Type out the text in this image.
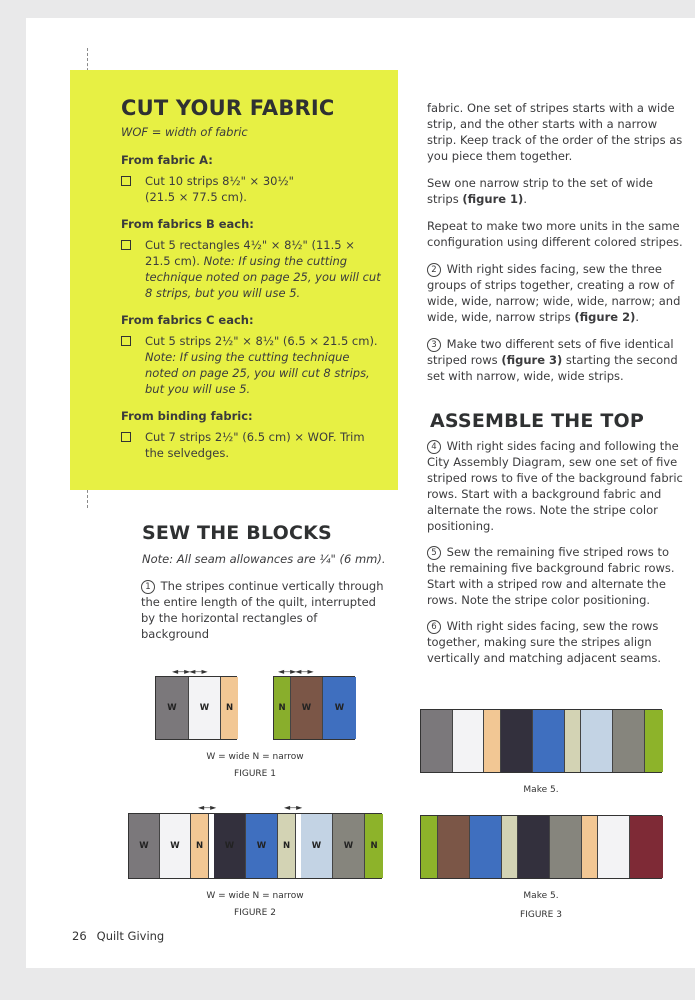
CUT YOUR FABRIC

WOF = width of fabric

From fabric A:

Cut 10 strips 8½" × 30½"
(21.5 × 77.5 cm).

From fabrics B each:

Cut 5 rectangles 4½" × 8½" (11.5 × 21.5 cm). Note: If using the cutting technique noted on page 25, you will cut 8 strips, but you will use 5.

From fabrics C each:

Cut 5 strips 2½" × 8½" (6.5 × 21.5 cm). Note: If using the cutting technique noted on page 25, you will cut 8 strips, but you will use 5.

From binding fabric:

Cut 7 strips 2½" (6.5 cm) × WOF. Trim the selvedges.

fabric. One set of stripes starts with a wide strip, and the other starts with a narrow strip. Keep track of the order of the strips as you piece them together.

Sew one narrow strip to the set of wide strips (figure 1).

Repeat to make two more units in the same configuration using different colored stripes.

2 With right sides facing, sew the three groups of strips together, creating a row of wide, wide, narrow; wide, wide, narrow; and wide, wide, narrow strips (figure 2).

3 Make two different sets of five identical striped rows (figure 3) starting the second set with narrow, wide, wide strips.

ASSEMBLE THE TOP

4 With right sides facing and following the City Assembly Diagram, sew one set of five striped rows to five of the background fabric rows. Start with a background fabric and alternate the rows. Note the stripe color positioning.

5 Sew the remaining five striped rows to the remaining five background fabric rows. Start with a striped row and alternate the rows. Note the stripe color positioning.

6 With right sides facing, sew the rows together, making sure the stripes align vertically and matching adjacent seams.

SEW THE BLOCKS
Note: All seam allowances are ¼" (6 mm).

1 The stripes continue vertically through the entire length of the quilt, interrupted by the horizontal rectangles of background

◄—►◄—►	◄—►◄—►
W	W	N	N	W	W
W = wide N = narrow
FIGURE 1
◄—►	◄—►
W	W	N	W	W	N	W	W	N
W = wide N = narrow
FIGURE 2
Make 5.
Make 5.
FIGURE 3
26 Quilt Giving
